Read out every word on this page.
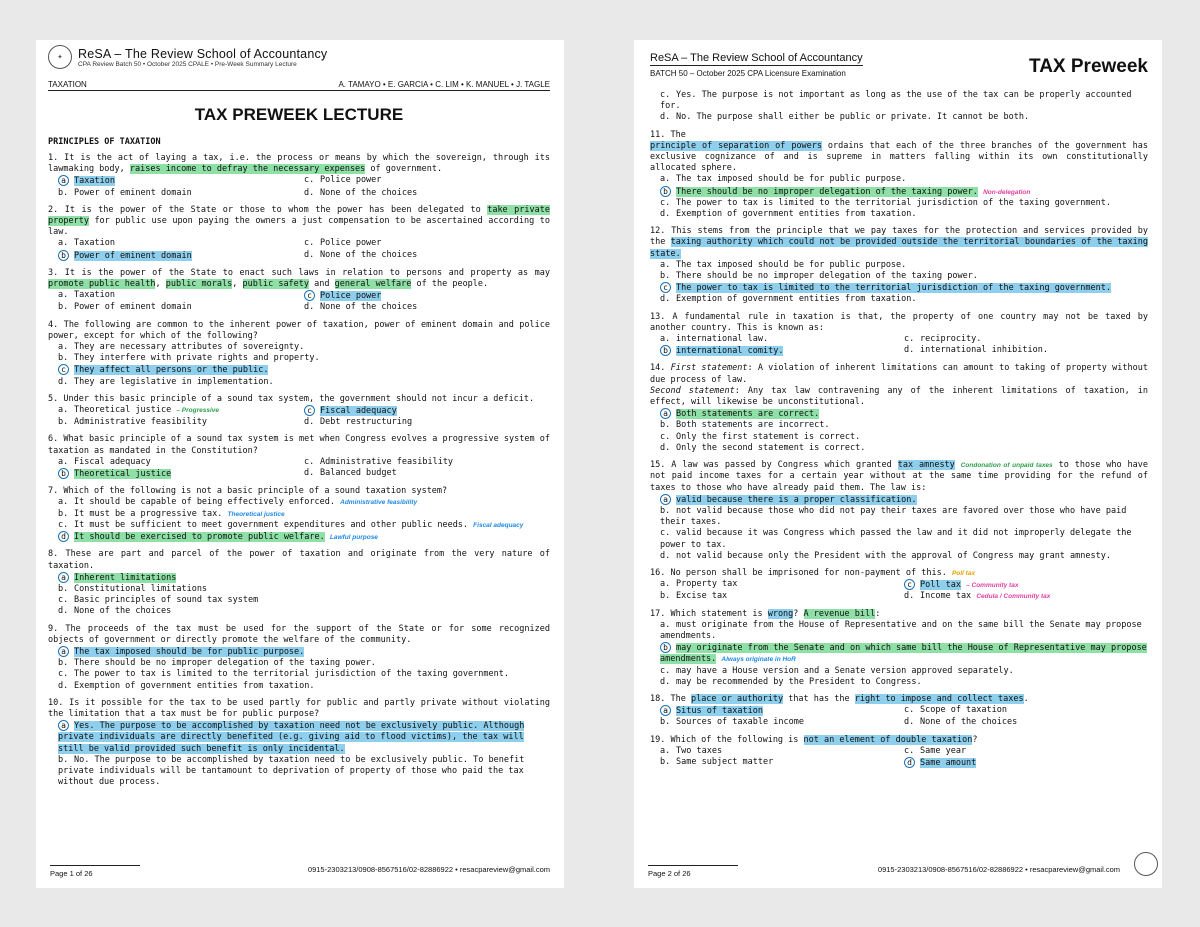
✦	ReSA – The Review School of Accountancy
CPA Review Batch 50 • October 2025 CPALE • Pre-Week Summary Lecture
TAXATION	A. TAMAYO • E. GARCIA • C. LIM • K. MANUEL • J. TAGLE
TAX PREWEEK LECTURE
PRINCIPLES OF TAXATION

1. It is the act of laying a tax, i.e. the process or means by which the sovereign, through its lawmaking body, raises income to defray the necessary expenses of government.

a Taxation	c. Police power
b. Power of eminent domain	d. None of the choices

2. It is the power of the State or those to whom the power has been delegated to take private property for public use upon paying the owners a just compensation to be ascertained according to law.

a. Taxation	c. Police power
b Power of eminent domain	d. None of the choices

3. It is the power of the State to enact such laws in relation to persons and property as may promote public health, public morals, public safety and general welfare of the people.

a. Taxation	c Police power
b. Power of eminent domain	d. None of the choices

4. The following are common to the inherent power of taxation, power of eminent domain and police power, except for which of the following?

a. They are necessary attributes of sovereignty.
b. They interfere with private rights and property.
c They affect all persons or the public.
d. They are legislative in implementation.

5. Under this basic principle of a sound tax system, the government should not incur a deficit.

a. Theoretical justice – Progressive	c Fiscal adequacy
b. Administrative feasibility	d. Debt restructuring

6. What basic principle of a sound tax system is met when Congress evolves a progressive system of taxation as mandated in the Constitution?

a. Fiscal adequacy	c. Administrative feasibility
b Theoretical justice	d. Balanced budget

7. Which of the following is not a basic principle of a sound taxation system?

a. It should be capable of being effectively enforced. Administrative feasibility
b. It must be a progressive tax. Theoretical justice
c. It must be sufficient to meet government expenditures and other public needs. Fiscal adequacy
d It should be exercised to promote public welfare. Lawful purpose

8. These are part and parcel of the power of taxation and originate from the very nature of taxation.

a Inherent limitations
b. Constitutional limitations
c. Basic principles of sound tax system
d. None of the choices

9. The proceeds of the tax must be used for the support of the State or for some recognized objects of government or directly promote the welfare of the community.

a The tax imposed should be for public purpose.
b. There should be no improper delegation of the taxing power.
c. The power to tax is limited to the territorial jurisdiction of the taxing government.
d. Exemption of government entities from taxation.

10. Is it possible for the tax to be used partly for public and partly private without violating the limitation that a tax must be for public purpose?

a Yes. The purpose to be accomplished by taxation need not be exclusively public. Although private individuals are directly benefited (e.g. giving aid to flood victims), the tax will still be valid provided such benefit is only incidental.
b. No. The purpose to be accomplished by taxation need to be exclusively public. To benefit private individuals will be tantamount to deprivation of property of those who paid the tax without due process.
Page 1 of 26	0915-2303213/0908-8567516/02-82886922 • resacpareview@gmail.com
ReSA – The Review School of Accountancy
BATCH 50 – October 2025 CPA Licensure Examination	TAX Preweek
c. Yes. The purpose is not important as long as the use of the tax can be properly accounted for.
d. No. The purpose shall either be public or private. It cannot be both.

11. The

principle of separation of powers ordains that each of the three branches of the government has exclusive cognizance of and is supreme in matters falling within its own constitutionally allocated sphere.

a. The tax imposed should be for public purpose.
b There should be no improper delegation of the taxing power. Non-delegation
c. The power to tax is limited to the territorial jurisdiction of the taxing government.
d. Exemption of government entities from taxation.

12. This stems from the principle that we pay taxes for the protection and services provided by the taxing authority which could not be provided outside the territorial boundaries of the taxing state.

a. The tax imposed should be for public purpose.
b. There should be no improper delegation of the taxing power.
c The power to tax is limited to the territorial jurisdiction of the taxing government.
d. Exemption of government entities from taxation.

13. A fundamental rule in taxation is that, the property of one country may not be taxed by another country. This is known as:

a. international law.	c. reciprocity.
b international comity.	d. international inhibition.

14. First statement: A violation of inherent limitations can amount to taking of property without due process of law.

Second statement: Any tax law contravening any of the inherent limitations of taxation, in effect, will likewise be unconstitutional.

a Both statements are correct.
b. Both statements are incorrect.
c. Only the first statement is correct.
d. Only the second statement is correct.

15. A law was passed by Congress which granted tax amnesty Condonation of unpaid taxes to those who have not paid income taxes for a certain year without at the same time providing for the refund of taxes to those who have already paid them. The law is:

a valid because there is a proper classification.
b. not valid because those who did not pay their taxes are favored over those who have paid their taxes.
c. valid because it was Congress which passed the law and it did not improperly delegate the power to tax.
d. not valid because only the President with the approval of Congress may grant amnesty.

16. No person shall be imprisoned for non-payment of this. Poll tax

a. Property tax	c Poll tax – Community tax
b. Excise tax	d. Income tax Cedula / Community tax

17. Which statement is wrong? A revenue bill:

a. must originate from the House of Representative and on the same bill the Senate may propose amendments.
b may originate from the Senate and on which same bill the House of Representative may propose amendments. Always originate in HoR
c. may have a House version and a Senate version approved separately.
d. may be recommended by the President to Congress.

18. The place or authority that has the right to impose and collect taxes.

a Situs of taxation	c. Scope of taxation
b. Sources of taxable income	d. None of the choices

19. Which of the following is not an element of double taxation?

a. Two taxes	c. Same year
b. Same subject matter	d Same amount
Page 2 of 26	0915-2303213/0908-8567516/02-82886922 • resacpareview@gmail.com
